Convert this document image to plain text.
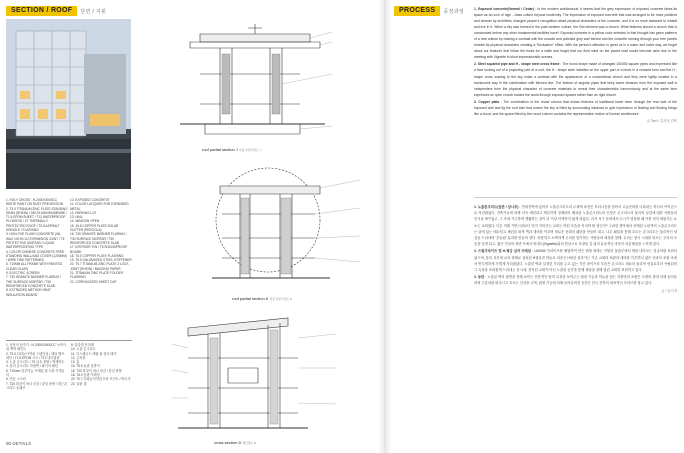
SECTION / ROOF	단면 / 지붕
1. HOLY CROSS : H-2000X3000CC WHITE PAINT ON RUST PREVENTION
2. T3.0 TITANIUM ZINC PLATE STANDING SEAM (RHEIN) / DELTA MAXIMUMRANE / T1.5 EPDM SHEET / T12 WATERPROOF PLYWOOD / 2T THERMALLY PROTECTED ROOF / T0.5 ASPHALT SHINGLE / FLASHING
3. NON-THE FLUSH CONCRETE (W) : WAX 100 IN 1/2 EXPANSION JOINT / T5 PROTECTIVE MORTAR / LIQUID WATERPROOFING TYPE
4. COLOR CHINESE CONCRETE FREE STANDING WALL/ADD COVER (1200MM) / WIRE FINE PATTERNED
5. T10MM ALL FRAME WITH PAINTED CLEAR GLASS
6. ELECTRIC SCREEN
7. T30 GRANITE BURNER FLARING / THE SURFACE MORTAR / T30 REINFORCED CONCRETE SLAB
8. EXTRUDED METHOD HEAT INSULATION BOARD
10. EXPOSED CONCRETE
11. COLOR LACQUER FOR EXPANDED METAL
12. PARKING LOT
13. HALL
14. WINDOW OPEN
15. 16.5 COPPER PLATE SOLAR GUTTER (PERGOLA)
16. T30 GRANITE BURNER FLARING / T30 SURFACE MORTAR / T30 REINFORCED CONCRETE SLAB
17. INTERIOR T/W / T5 SOUNDPROOF BOARD
18. T6.0 COPPER PLATE FLASHING
19. T6.0 GALVANIZED STEEL STIFFENER
20. T0.7 TITANIUM ZINC PLATE 3 LOCK JOINT (RHEIN) / BACKING PAPER
21. TITANIUM ZINC PLATE FOLDER FLASHING
22. CORRUGATED SHEET CAP
1. 성당의 십자가 : H-2000X3000CC 녹막이 위 백색 페인트
2. T3.0 티타늄아연판 스탠딩심 / 델타 멤브레인 / T1.5 EPDM 시트 / T12 내수합판
3. 노출 콘크리트 / T5 보호 몰탈 / 액체방수
4. 컬러 콘크리트 자립벽 / 와이어 패턴
5. T10mm 알루미늄 프레임 위 도장 투명유리
6. 전동 스크린
7. T30 화강석 버너 마감 / 붙임 몰탈 / 철근콘크리트 슬래브
8. 압출법 단열재
10. 노출 콘크리트
11. 익스팬디드 메탈 위 컬러 래커
12. 주차장
13. 홀
15. T6.5 동판 물받이
16. T30 화강석 버너 마감 / 붙임 몰탈
18. T6.0 동판 후레싱
20. T0.7 티타늄아연판 3 락 조인트 / 방수지
22. 골판 캡
90 DETAILS
roof partial section J 지붕 부분단면도 J
roof partial section K 지붕 부분단면도 K
cross section D 횡단면도 D
PROCESS	공정과정	1. Exposed concrete(Normal / Cedar) : In the modern architectural, it seems that the grey expression of exposed concrete takes its space as an icon of high - class culture beyond modernity. The impression of exposed concrete that was arranged to be more polished and cleaner by architects changed people's recognition about physical characters of the concrete, and it is no more awkward to inhabit and live in it. When a city was formed in the past western culture, the first element was a church. What features should a church that is constructed before any other fundamental facilities have? Exposed concrete in a yellow color selected in that thought has given patterns of a new culture by making a contrast with the smooth and polished grey wall behind and the concrete running through your tree panels reveals its physical characters creating a "fluctuation" effect. With the person's affection to greet us in a warm and naive way, we forget about our features that follow the times for a while and forget that our fluid mind on the paved road would become calm due to the meeting with Vignette in short impressionistic scenes.

2. Steel squared pipe and H - shape steel cross frame : The round shape made of arranged 100X50 square pipes and expressed like a face looking out of a projecting part of a roof, the H - shape steel installed on the upper part of a block in a crossed form and the H - shape cross soaring to the sky make a contrast with the appearance of a conventional church and they were lightly located in a translucent way in the combination with thinned line. The feature of angular pipes that keep some distance from the exposed wall is independent from the physical character of concrete materials to reveal their characteristics harmoniously and at the same time expresses an open church toward the world through exposed spaces rather than an rigid church.

3. Copper plate : The combination of the round column that shows features of traditional tower seen through the rear side of the exposed wall and fig the roof side that covers the sky is lifted by surrounding windows to give impression of floating and flowing things like a cloud, and the space lifted by the round column contains the representative motive of Korean architecture.

글·Text / 김서정 건축

1. 노출콘크리트(일반 / 삼나무) : 현대건축에 있어서 노출콘크리트의 무채색 표현은 모더니즘을 넘어서 고급문화를 나타내는 하나의 아이콘으로 자리잡았다. 건축가들에 의해 더욱 세련되고 깨끗하게 정제되어 배치된 노출콘크리트의 인상은 콘크리트의 물리적 성질에 대한 사람들의 인식을 바꾸었고, 그 속에 거주하며 생활하는 것이 더 이상 어색하지 않게 되었다. 과거 서구 문화에서 도시가 형성될 때 가장 먼저 세워지는 요소는 교회였다. 다른 어떤 기반시설보다 먼저 지어지는 교회는 어떤 모습을 지녀야 할 것인가? 그러한 생각에서 선택된 노란색의 노출콘크리트는 뒤에 있는 매끄럽고 세련된 회색 벽과 대비를 이루며 새로운 문화의 패턴을 만들어 내고, 나무 패널을 통해 흐르는 콘크리트는 물리적인 성질을 드러내며 '흔들림' 효과를 만들어 낸다. 따뜻하고 소박하게 우리를 맞이하는 사람들의 애정과 함께, 우리는 잠시 시대를 따르는 우리의 모습을 잊게 되고, 짧은 인상의 장면 속에서 비네트(Vignette)와의 만남으로 포장된 길 위의 유동적인 마음이 차분해짐을 느끼게 된다.

2. 스틸각파이프 및 H-형강 십자 프레임 : 100X50 각파이프를 배열하여 만든 원형 형태는 지붕의 돌출부에서 밖을 내다보는 얼굴처럼 표현되었으며, 블록 상부에 교차 형태로 설치된 H형강과 하늘로 치솟은 H형강 십자가는 기존 교회의 외관과 대비를 이루면서 얇은 선과의 조합 속에서 반투명하게 가볍게 자리잡았다. 노출된 벽과 일정한 거리를 두고 있는 각진 파이프의 모습은 콘크리트 재료의 물리적 성질로부터 독립되어 그 특성을 조화롭게 드러내는 동시에, 경직된 교회가 아닌 노출된 공간을 통해 세상을 향해 열린 교회를 표현하고 있다.

3. 동판 : 노출된 벽의 뒷면을 통해 보이는 전통적인 탑의 특징을 보여주는 원형 기둥과 하늘을 덮는 지붕면의 조합은 주변의 창에 의해 들어올려져 구름처럼 떠다니고 흐르는 인상을 주며, 원형 기둥에 의해 들어올려진 공간은 한국 건축의 대표적인 모티브를 담고 있다.

글 / 김서정
